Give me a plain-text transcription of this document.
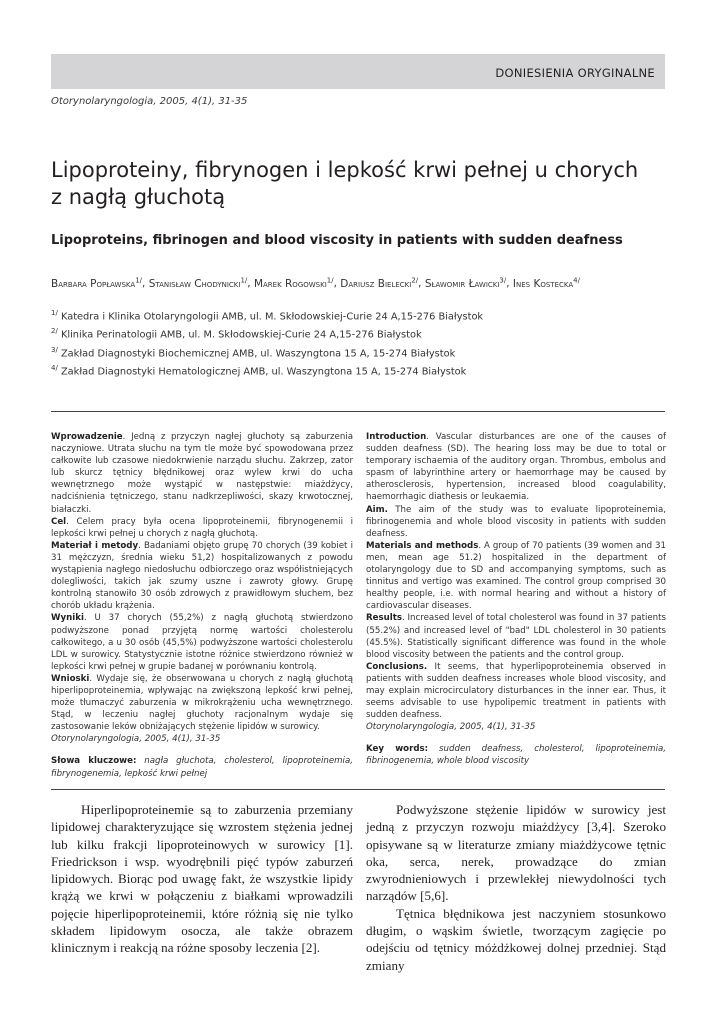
DONIESIENIA ORYGINALNE
Otorynolaryngologia, 2005, 4(1), 31-35
Lipoproteiny, fibrynogen i lepkość krwi pełnej u chorych
z nagłą głuchotą
Lipoproteins, fibrinogen and blood viscosity in patients with sudden deafness
Barbara Popławska$^{1/}$, Stanisław Chodynicki$^{1/}$, Marek Rogowski$^{1/}$, Dariusz Bielecki$^{2/}$, Sławomir Ławicki$^{3/}$, Ines Kostecka$^{4/}$
$^{1/}$ Katedra i Klinika Otolaryngologii AMB, ul. M. Skłodowskiej-Curie 24 A,15-276 Białystok
$^{2/}$ Klinika Perinatologii AMB, ul. M. Skłodowskiej-Curie 24 A,15-276 Białystok
$^{3/}$ Zakład Diagnostyki Biochemicznej AMB, ul. Waszyngtona 15 A, 15-274 Białystok
$^{4/}$ Zakład Diagnostyki Hematologicznej AMB, ul. Waszyngtona 15 A, 15-274 Białystok

Wprowadzenie. Jedną z przyczyn nagłej głuchoty są zaburzenia naczyniowe. Utrata słuchu na tym tle może być spowodowana przez całkowite lub czasowe niedokrwienie narządu słuchu. Zakrzep, zator lub skurcz tętnicy błędnikowej oraz wylew krwi do ucha wewnętrznego może wystąpić w następstwie: miażdżycy, nadciśnienia tętniczego, stanu nadkrzepliwości, skazy krwotocznej, białaczki.

Cel. Celem pracy była ocena lipoproteinemii, fibrynogenemii i lepkości krwi pełnej u chorych z nagłą głuchotą.

Materiał i metody. Badaniami objęto grupę 70 chorych (39 kobiet i 31 mężczyzn, średnia wieku 51,2) hospitalizowanych z powodu wystąpienia nagłego niedosłuchu odbiorczego oraz współistniejących dolegliwości, takich jak szumy uszne i zawroty głowy. Grupę kontrolną stanowiło 30 osób zdrowych z prawidłowym słuchem, bez chorób układu krążenia.

Wyniki. U 37 chorych (55,2%) z nagłą głuchotą stwierdzono podwyższone ponad przyjętą normę wartości cholesterolu całkowitego, a u 30 osób (45,5%) podwyższone wartości cholesterolu LDL w surowicy. Statystycznie istotne różnice stwierdzono również w lepkości krwi pełnej w grupie badanej w porównaniu kontrolą.

Wnioski. Wydaje się, że obserwowana u chorych z nagłą głuchotą hiperlipoproteinemia, wpływając na zwiększoną lepkość krwi pełnej, może tłumaczyć zaburzenia w mikrokrążeniu ucha wewnętrznego. Stąd, w leczeniu nagłej głuchoty racjonalnym wydaje się zastosowanie leków obniżających stężenie lipidów w surowicy.

Otorynolaryngologia, 2005, 4(1), 31-35

Słowa kluczowe: nagła głuchota, cholesterol, lipoproteinemia, fibrynogenemia, lepkość krwi pełnej

Introduction. Vascular disturbances are one of the causes of sudden deafness (SD). The hearing loss may be due to total or temporary ischaemia of the auditory organ. Thrombus, embolus and spasm of labyrinthine artery or haemorrhage may be caused by atherosclerosis, hypertension, increased blood coagulability, haemorrhagic diathesis or leukaemia.

Aim. The aim of the study was to evaluate lipoproteinemia, fibrinogenemia and whole blood viscosity in patients with sudden deafness.

Materials and methods. A group of 70 patients (39 women and 31 men, mean age 51.2) hospitalized in the department of otolaryngology due to SD and accompanying symptoms, such as tinnitus and vertigo was examined. The control group comprised 30 healthy people, i.e. with normal hearing and without a history of cardiovascular diseases.

Results. Increased level of total cholesterol was found in 37 patients (55.2%) and increased level of "bad" LDL cholesterol in 30 patients (45.5%). Statistically significant difference was found in the whole blood viscosity between the patients and the control group.

Conclusions. It seems, that hyperlipoproteinemia observed in patients with sudden deafness increases whole blood viscosity, and may explain microcirculatory disturbances in the inner ear. Thus, it seems advisable to use hypolipemic treatment in patients with sudden deafness.

Otorynolaryngologia, 2005, 4(1), 31-35

Key words: sudden deafness, cholesterol, lipoproteinemia, fibrinogenemia, whole blood viscosity

Hiperlipoproteinemie są to zaburzenia przemiany lipidowej charakteryzujące się wzrostem stężenia jednej lub kilku frakcji lipoproteinowych w surowicy [1]. Friedrickson i wsp. wyodrębnili pięć typów zaburzeń lipidowych. Biorąc pod uwagę fakt, że wszystkie lipidy krążą we krwi w połączeniu z białkami wprowadzili pojęcie hiperlipoproteinemii, które różnią się nie tylko składem lipidowym osocza, ale także obrazem klinicznym i reakcją na różne sposoby leczenia [2].

Podwyższone stężenie lipidów w surowicy jest jedną z przyczyn rozwoju miażdżycy [3,4]. Szeroko opisywane są w literaturze zmiany miażdżycowe tętnic oka, serca, nerek, prowadzące do zmian zwyrodnieniowych i przewlekłej niewydolności tych narządów [5,6].

Tętnica błędnikowa jest naczyniem stosunkowo długim, o wąskim świetle, tworzącym zagięcie po odejściu od tętnicy móżdżkowej dolnej przedniej. Stąd zmiany
